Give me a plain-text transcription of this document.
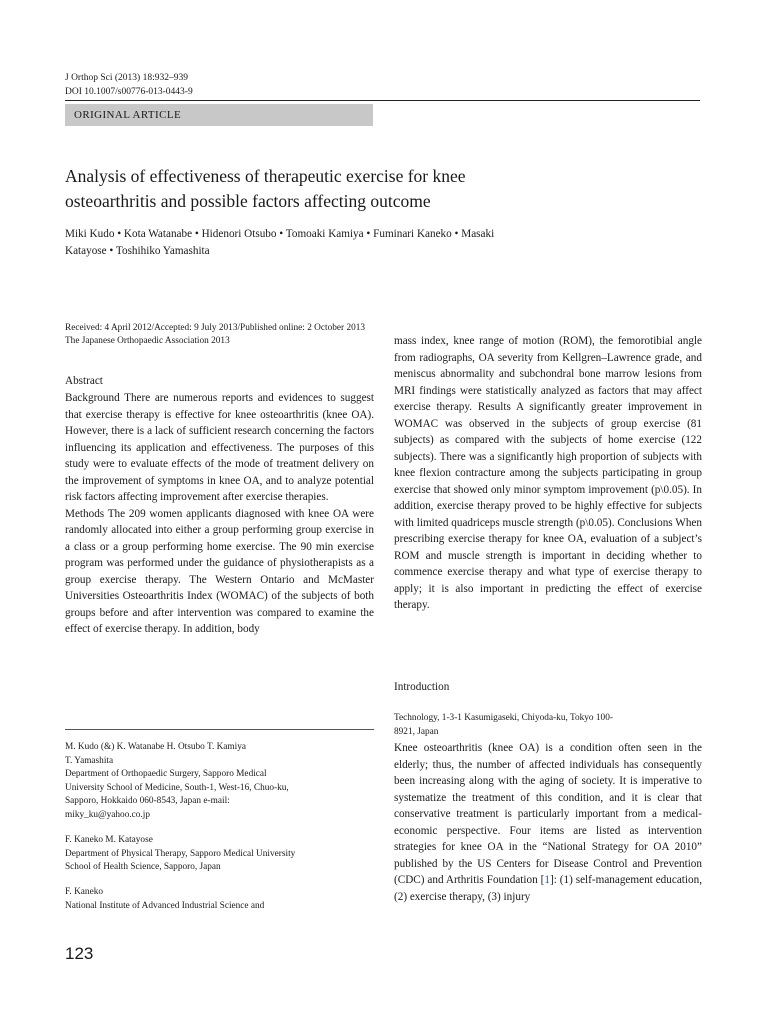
J Orthop Sci (2013) 18:932–939
DOI 10.1007/s00776-013-0443-9
ORIGINAL ARTICLE
Analysis of effectiveness of therapeutic exercise for knee
osteoarthritis and possible factors affecting outcome
Miki Kudo • Kota Watanabe • Hidenori Otsubo • Tomoaki Kamiya • Fuminari Kaneko • Masaki
Katayose • Toshihiko Yamashita
Received: 4 April 2012/Accepted: 9 July 2013/Published online: 2 October 2013
The Japanese Orthopaedic Association 2013
Abstract

Background There are numerous reports and evidences to suggest that exercise therapy is effective for knee osteoarthritis (knee OA). However, there is a lack of sufficient research concerning the factors influencing its application and effectiveness. The purposes of this study were to evaluate effects of the mode of treatment delivery on the improvement of symptoms in knee OA, and to analyze potential risk factors affecting improvement after exercise therapies.

Methods The 209 women applicants diagnosed with knee OA were randomly allocated into either a group performing group exercise in a class or a group performing home exercise. The 90 min exercise program was performed under the guidance of physiotherapists as a group exercise therapy. The Western Ontario and McMaster Universities Osteoarthritis Index (WOMAC) of the subjects of both groups before and after intervention was compared to examine the effect of exercise therapy. In addition, body

mass index, knee range of motion (ROM), the femorotibial angle from radiographs, OA severity from Kellgren–Lawrence grade, and meniscus abnormality and subchondral bone marrow lesions from MRI findings were statistically analyzed as factors that may affect exercise therapy. Results A significantly greater improvement in WOMAC was observed in the subjects of group exercise (81 subjects) as compared with the subjects of home exercise (122 subjects). There was a significantly high proportion of subjects with knee flexion contracture among the subjects participating in group exercise that showed only minor symptom improvement (p\0.05). In addition, exercise therapy proved to be highly effective for subjects with limited quadriceps muscle strength (p\0.05). Conclusions When prescribing exercise therapy for knee OA, evaluation of a subject’s ROM and muscle strength is important in deciding whether to commence exercise therapy and what type of exercise therapy to apply; it is also important in predicting the effect of exercise therapy.

M. Kudo (&) K. Watanabe H. Otsubo T. Kamiya

T. Yamashita

Department of Orthopaedic Surgery, Sapporo Medical

University School of Medicine, South-1, West-16, Chuo-ku,

Sapporo, Hokkaido 060-8543, Japan e-mail:

miky_ku@yahoo.co.jp

F. Kaneko M. Katayose

Department of Physical Therapy, Sapporo Medical University

School of Health Science, Sapporo, Japan

F. Kaneko

National Institute of Advanced Industrial Science and

Introduction
Technology, 1-3-1 Kasumigaseki, Chiyoda-ku, Tokyo 100-
8921, Japan
Knee osteoarthritis (knee OA) is a condition often seen in the elderly; thus, the number of affected individuals has consequently been increasing along with the aging of society. It is imperative to systematize the treatment of this condition, and it is clear that conservative treatment is particularly important from a medical-economic perspective. Four items are listed as intervention strategies for knee OA in the “National Strategy for OA 2010” published by the US Centers for Disease Control and Prevention (CDC) and Arthritis Foundation [1]: (1) self-management education, (2) exercise therapy, (3) injury
123
